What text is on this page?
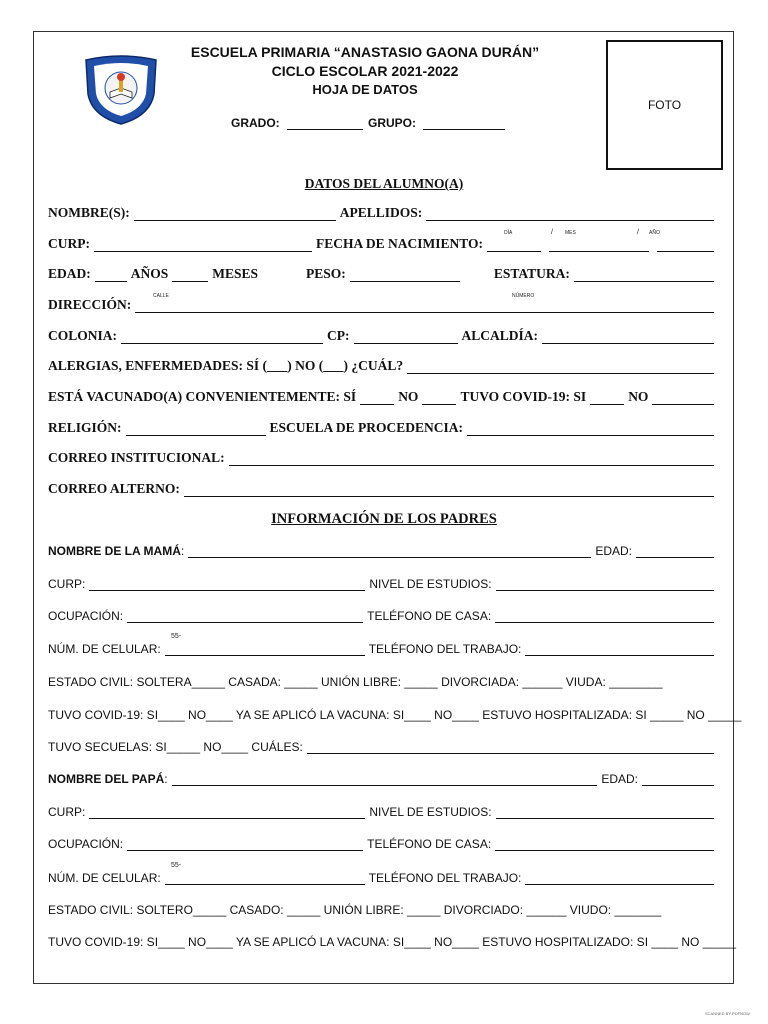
ESCUELA PRIMARIA “ANASTASIO GAONA DURÁN”
CICLO ESCOLAR 2021-2022
HOJA DE DATOS
GRADO:	GRUPO:
FOTO
DATOS DEL ALUMNO(A)
NOMBRE(S):	APELLIDOS:
DÍA	/ MES	/ AÑO
CURP:	FECHA DE NACIMIENTO:
EDAD:	AÑOS	MESES	PESO:	ESTATURA:
CALLE	NÚMERO
DIRECCIÓN:
COLONIA:	CP:	ALCALDÍA:
ALERGIAS, ENFERMEDADES: SÍ (___) NO (___) ¿CUÁL?
ESTÁ VACUNADO(A) CONVENIENTEMENTE: SÍ	NO	TUVO COVID-19: SI	NO
RELIGIÓN:	ESCUELA DE PROCEDENCIA:
CORREO INSTITUCIONAL:
CORREO ALTERNO:
INFORMACIÓN DE LOS PADRES
NOMBRE DE LA MAMÁ :	EDAD:
CURP:	NIVEL DE ESTUDIOS:
OCUPACIÓN:	TELÉFONO DE CASA:
55-
NÚM. DE CELULAR:	TELÉFONO DEL TRABAJO:
ESTADO CIVIL: SOLTERA_____ CASADA: _____ UNIÓN LIBRE: _____ DIVORCIADA: ______ VIUDA: ________
TUVO COVID-19: SI____ NO____ YA SE APLICÓ LA VACUNA: SI____ NO____ ESTUVO HOSPITALIZADA: SI _____ NO _____
TUVO SECUELAS: SI_____ NO____ CUÁLES:
NOMBRE DEL PAPÁ :	EDAD:
CURP:	NIVEL DE ESTUDIOS:
OCUPACIÓN:	TELÉFONO DE CASA:
55-
NÚM. DE CELULAR:	TELÉFONO DEL TRABAJO:
ESTADO CIVIL: SOLTERO_____ CASADO: _____ UNIÓN LIBRE: _____ DIVORCIADO: ______ VIUDO: _______
TUVO COVID-19: SI____ NO____ YA SE APLICÓ LA VACUNA: SI____ NO____ ESTUVO HOSPITALIZADO: SI ____ NO _____
SCANNED BY PDFNOW
